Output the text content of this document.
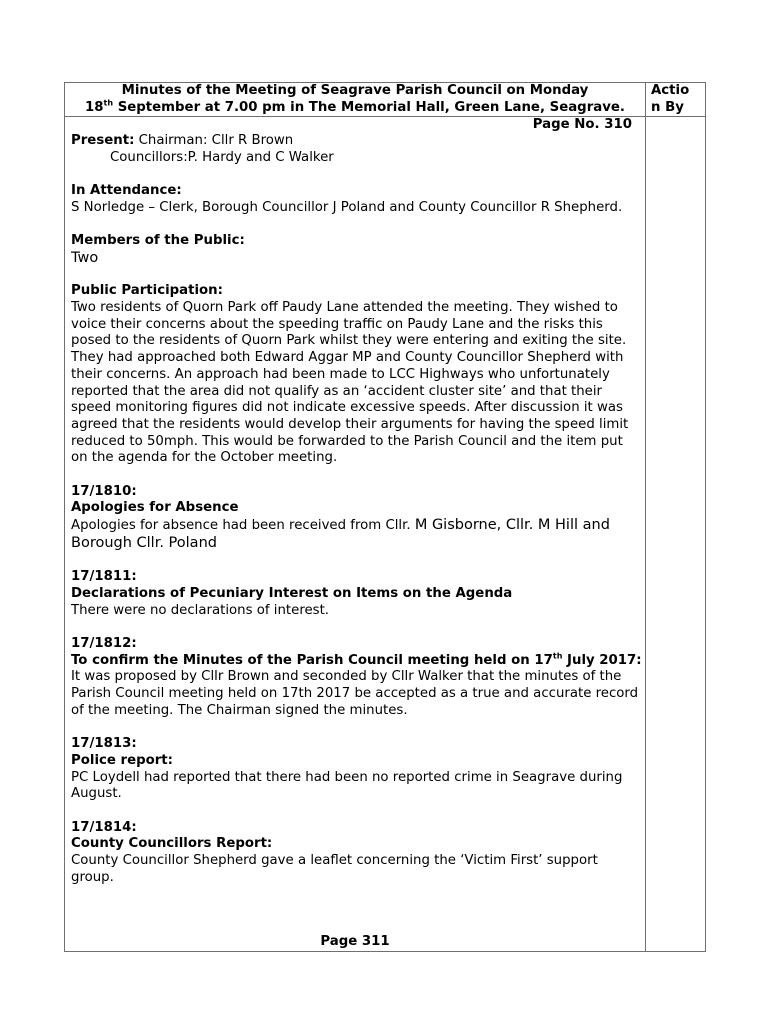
Minutes of the Meeting of Seagrave Parish Council on Monday
18th September at 7.00 pm in The Memorial Hall, Green Lane, Seagrave.
Actio
n By
Page No. 310

Present: Chairman: Cllr R Brown

Councillors:P. Hardy and C Walker

In Attendance:

S Norledge – Clerk, Borough Councillor J Poland and County Councillor R Shepherd.

Members of the Public:

Two

Public Participation:

Two residents of Quorn Park off Paudy Lane attended the meeting. They wished to voice their concerns about the speeding traffic on Paudy Lane and the risks this posed to the residents of Quorn Park whilst they were entering and exiting the site. They had approached both Edward Aggar MP and County Councillor Shepherd with their concerns. An approach had been made to LCC Highways who unfortunately reported that the area did not qualify as an ‘accident cluster site’ and that their speed monitoring figures did not indicate excessive speeds. After discussion it was agreed that the residents would develop their arguments for having the speed limit reduced to 50mph. This would be forwarded to the Parish Council and the item put on the agenda for the October meeting.

17/1810:

Apologies for Absence

Apologies for absence had been received from Cllr. M Gisborne, Cllr. M Hill and Borough Cllr. Poland

17/1811:

Declarations of Pecuniary Interest on Items on the Agenda

There were no declarations of interest.

17/1812:

To confirm the Minutes of the Parish Council meeting held on 17th July 2017:

It was proposed by Cllr Brown and seconded by Cllr Walker that the minutes of the Parish Council meeting held on 17th 2017 be accepted as a true and accurate record of the meeting. The Chairman signed the minutes.

17/1813:

Police report:

PC Loydell had reported that there had been no reported crime in Seagrave during August.

17/1814:

County Councillors Report:

County Councillor Shepherd gave a leaflet concerning the ‘Victim First’ support group.

Page 311
